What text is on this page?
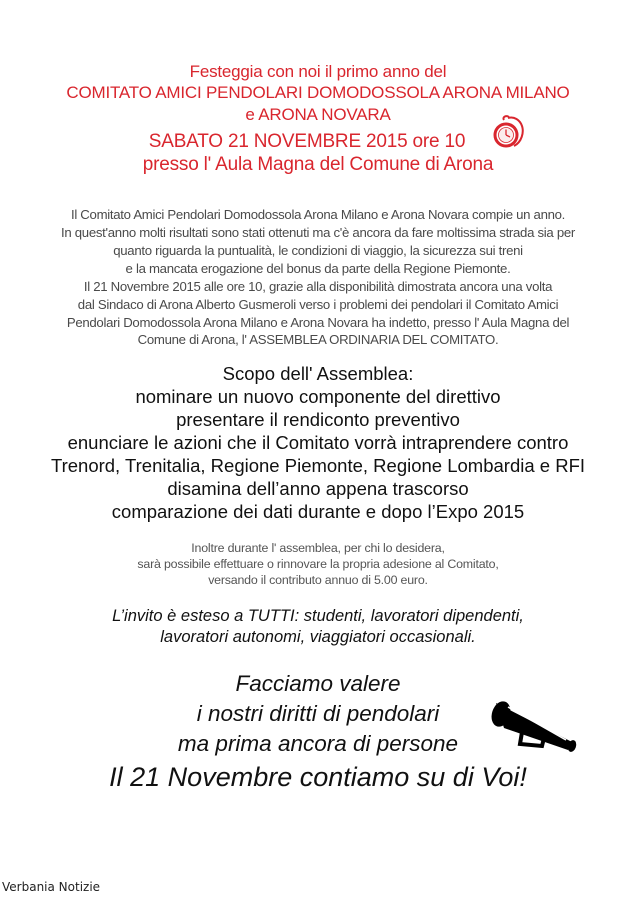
Festeggia con noi il primo anno del
COMITATO AMICI PENDOLARI DOMODOSSOLA ARONA MILANO
e ARONA NOVARA
SABATO 21 NOVEMBRE 2015 ore 10
presso l' Aula Magna del Comune di Arona
Il Comitato Amici Pendolari Domodossola Arona Milano e Arona Novara compie un anno.
In quest'anno molti risultati sono stati ottenuti ma c'è ancora da fare moltissima strada sia per
quanto riguarda la puntualità, le condizioni di viaggio, la sicurezza sui treni
e la mancata erogazione del bonus da parte della Regione Piemonte.
Il 21 Novembre 2015 alle ore 10, grazie alla disponibilità dimostrata ancora una volta
dal Sindaco di Arona Alberto Gusmeroli verso i problemi dei pendolari il Comitato Amici
Pendolari Domodossola Arona Milano e Arona Novara ha indetto, presso l' Aula Magna del
Comune di Arona, l' ASSEMBLEA ORDINARIA DEL COMITATO.
Scopo dell' Assemblea:
nominare un nuovo componente del direttivo
presentare il rendiconto preventivo
enunciare le azioni che il Comitato vorrà intraprendere contro
Trenord, Trenitalia, Regione Piemonte, Regione Lombardia e RFI
disamina dell’anno appena trascorso
comparazione dei dati durante e dopo l’Expo 2015
Inoltre durante l' assemblea, per chi lo desidera,
sarà possibile effettuare o rinnovare la propria adesione al Comitato,
versando il contributo annuo di 5.00 euro.
L’invito è esteso a TUTTI: studenti, lavoratori dipendenti,
lavoratori autonomi, viaggiatori occasionali.
Facciamo valere
i nostri diritti di pendolari
ma prima ancora di persone
Il 21 Novembre contiamo su di Voi!
Verbania Notizie
